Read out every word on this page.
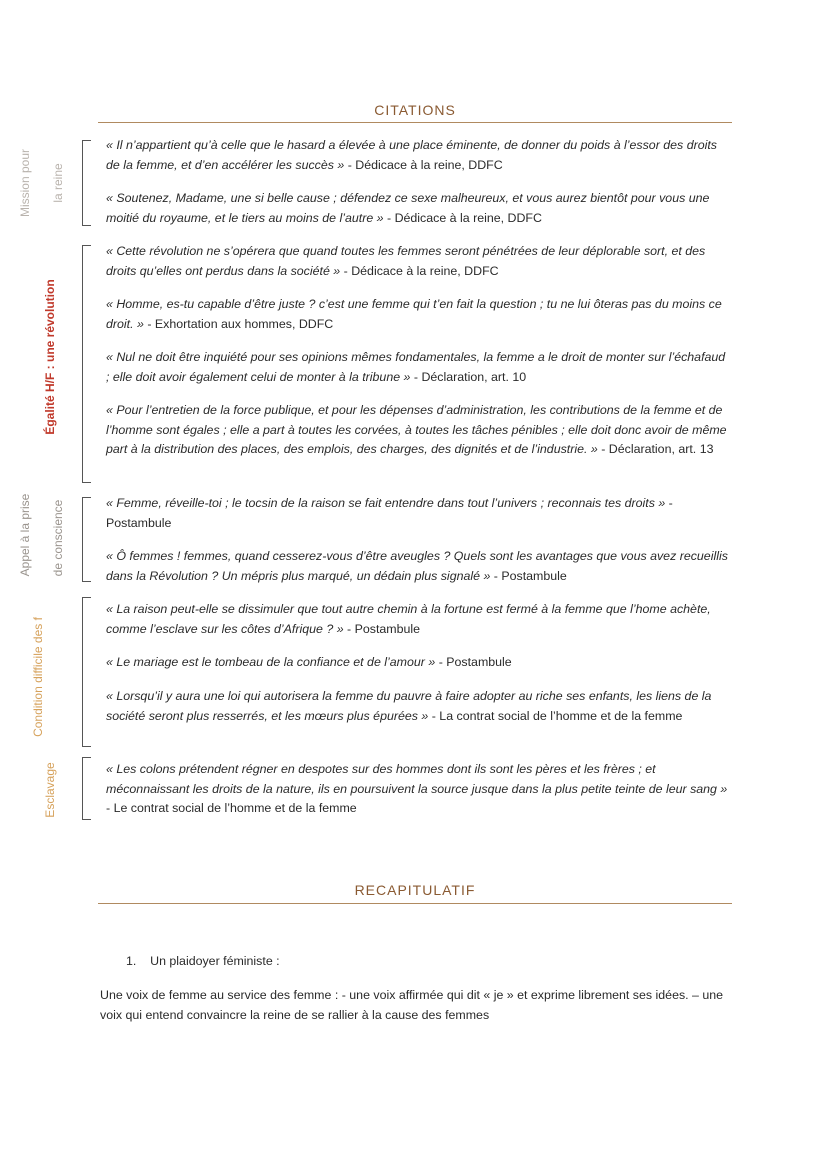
CITATIONS
Mission pour la reine
Égalité H/F : une révolution
Appel à la prise de conscience
Condition difficile des f
Esclavage
« Il n’appartient qu’à celle que le hasard a élevée à une place éminente, de donner du poids à l’essor des droits de la femme, et d’en accélérer les succès » - Dédicace à la reine, DDFC
« Soutenez, Madame, une si belle cause ; défendez ce sexe malheureux, et vous aurez bientôt pour vous une moitié du royaume, et le tiers au moins de l’autre » - Dédicace à la reine, DDFC
« Cette révolution ne s’opérera que quand toutes les femmes seront pénétrées de leur déplorable sort, et des droits qu’elles ont perdus dans la société » - Dédicace à la reine, DDFC
« Homme, es-tu capable d’être juste ? c’est une femme qui t’en fait la question ; tu ne lui ôteras pas du moins ce droit. » - Exhortation aux hommes, DDFC
« Nul ne doit être inquiété pour ses opinions mêmes fondamentales, la femme a le droit de monter sur l’échafaud ; elle doit avoir également celui de monter à la tribune » - Déclaration, art. 10
« Pour l’entretien de la force publique, et pour les dépenses d’administration, les contributions de la femme et de l’homme sont égales ; elle a part à toutes les corvées, à toutes les tâches pénibles ; elle doit donc avoir de même part à la distribution des places, des emplois, des charges, des dignités et de l’industrie. » - Déclaration, art. 13
« Femme, réveille-toi ; le tocsin de la raison se fait entendre dans tout l’univers ; reconnais tes droits » - Postambule
« Ô femmes ! femmes, quand cesserez-vous d’être aveugles ? Quels sont les avantages que vous avez recueillis dans la Révolution ? Un mépris plus marqué, un dédain plus signalé » - Postambule
« La raison peut-elle se dissimuler que tout autre chemin à la fortune est fermé à la femme que l’home achète, comme l’esclave sur les côtes d’Afrique ? » - Postambule
« Le mariage est le tombeau de la confiance et de l’amour » - Postambule
« Lorsqu’il y aura une loi qui autorisera la femme du pauvre à faire adopter au riche ses enfants, les liens de la société seront plus resserrés, et les mœurs plus épurées » - La contrat social de l’homme et de la femme
« Les colons prétendent régner en despotes sur des hommes dont ils sont les pères et les frères ; et méconnaissant les droits de la nature, ils en poursuivent la source jusque dans la plus petite teinte de leur sang » - Le contrat social de l’homme et de la femme
RECAPITULATIF
1. Un plaidoyer féministe :
Une voix de femme au service des femme : - une voix affirmée qui dit « je » et exprime librement ses idées. – une voix qui entend convaincre la reine de se rallier à la cause des femmes
